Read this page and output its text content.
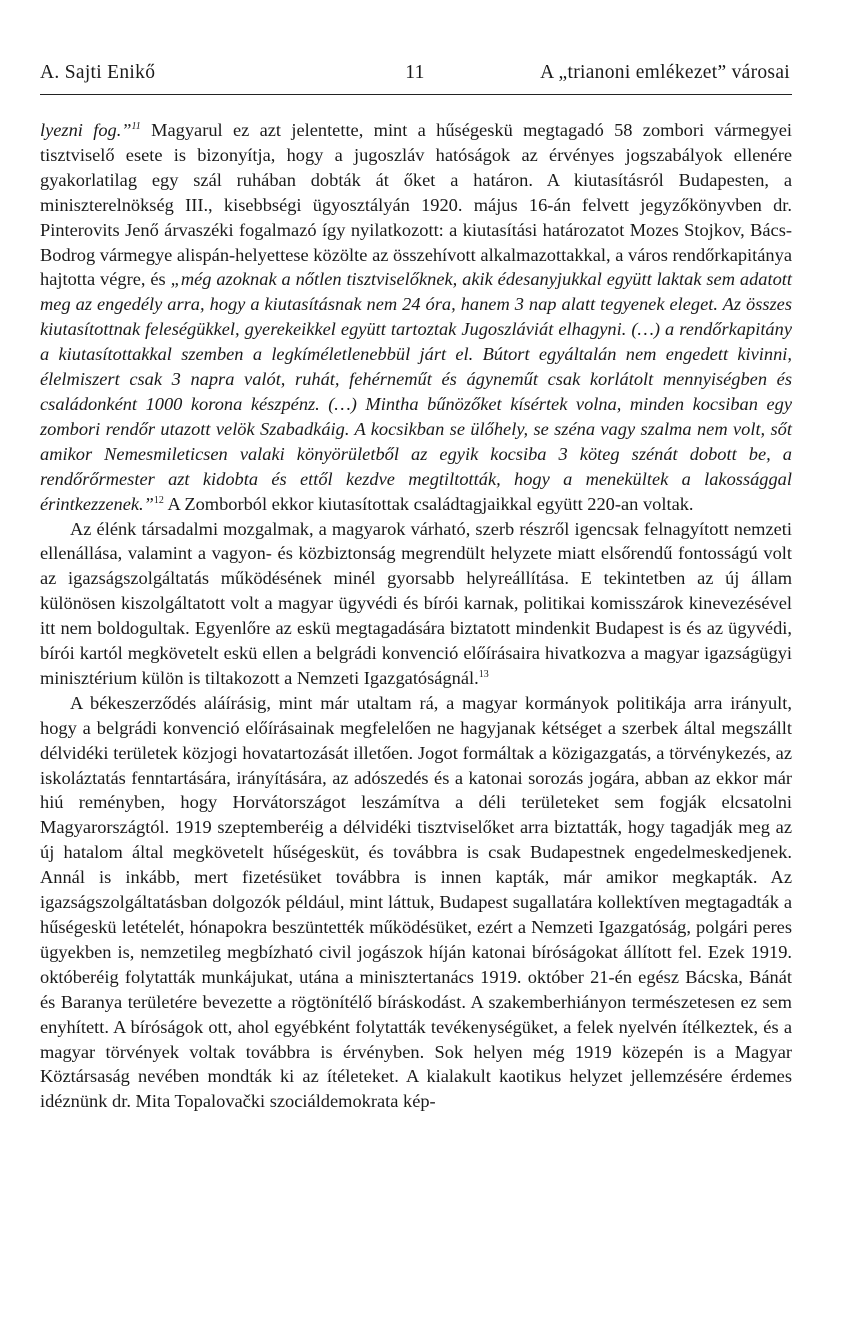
A. Sajti Enikő	11	A „trianoni emlékezet” városai

lyezni fog.”$^{11}$ Magyarul ez azt jelentette, mint a hűségeskü megtagadó 58 zombori vármegyei tisztviselő esete is bizonyítja, hogy a jugoszláv hatóságok az érvényes jogszabályok ellenére gyakorlatilag egy szál ruhában dobták át őket a határon. A kiutasításról Budapesten, a miniszterelnökség III., kisebbségi ügyosztályán 1920. május 16-án felvett jegyzőkönyvben dr. Pinterovits Jenő árvaszéki fogalmazó így nyilatkozott: a kiutasítási határozatot Mozes Stojkov, Bács-Bodrog vármegye alispán-helyettese közölte az összehívott alkalmazottakkal, a város rendőrkapitánya hajtotta végre, és „még azoknak a nőtlen tisztviselőknek, akik édesanyjukkal együtt laktak sem adatott meg az engedély arra, hogy a kiutasításnak nem 24 óra, hanem 3 nap alatt tegyenek eleget. Az összes kiutasítottnak feleségükkel, gyerekeikkel együtt tartoztak Jugoszláviát elhagyni. (…) a rendőrkapitány a kiutasítottakkal szemben a legkíméletlenebbül járt el. Bútort egyáltalán nem engedett kivinni, élelmiszert csak 3 napra valót, ruhát, fehérneműt és ágyneműt csak korlátolt mennyiségben és családonként 1000 korona készpénz. (…) Mintha bűnözőket kísértek volna, minden kocsiban egy zombori rendőr utazott velök Szabadkáig. A kocsikban se ülőhely, se széna vagy szalma nem volt, sőt amikor Nemesmileticsen valaki könyörületből az egyik kocsiba 3 köteg szénát dobott be, a rendőrőrmester azt kidobta és ettől kezdve megtiltották, hogy a menekültek a lakossággal érintkezzenek.”$^{12}$ A Zomborból ekkor kiutasítottak családtagjaikkal együtt 220-an voltak.

Az élénk társadalmi mozgalmak, a magyarok várható, szerb részről igencsak felnagyított nemzeti ellenállása, valamint a vagyon- és közbiztonság megrendült helyzete miatt elsőrendű fontosságú volt az igazságszolgáltatás működésének minél gyorsabb helyreállítása. E tekintetben az új állam különösen kiszolgáltatott volt a magyar ügyvédi és bírói karnak, politikai komisszárok kinevezésével itt nem boldogultak. Egyenlőre az eskü megtagadására biztatott mindenkit Budapest is és az ügyvédi, bírói kartól megkövetelt eskü ellen a belgrádi konvenció előírásaira hivatkozva a magyar igazságügyi minisztérium külön is tiltakozott a Nemzeti Igazgatóságnál.$^{13}$

A békeszerződés aláírásig, mint már utaltam rá, a magyar kormányok politikája arra irányult, hogy a belgrádi konvenció előírásainak megfelelően ne hagyjanak kétséget a szerbek által megszállt délvidéki területek közjogi hovatartozását illetően. Jogot formáltak a közigazgatás, a törvénykezés, az iskoláztatás fenntartására, irányítására, az adószedés és a katonai sorozás jogára, abban az ekkor már hiú reményben, hogy Horvátországot leszámítva a déli területeket sem fogják elcsatolni Magyarországtól. 1919 szeptemberéig a délvidéki tisztviselőket arra biztatták, hogy tagadják meg az új hatalom által megkövetelt hűségesküt, és továbbra is csak Budapestnek engedelmeskedjenek. Annál is inkább, mert fizetésüket továbbra is innen kapták, már amikor megkapták. Az igazságszolgáltatásban dolgozók például, mint láttuk, Budapest sugallatára kollektíven megtagadták a hűségeskü letételét, hónapokra beszüntették működésüket, ezért a Nemzeti Igazgatóság, polgári peres ügyekben is, nemzetileg megbízható civil jogászok híján katonai bíróságokat állított fel. Ezek 1919. októberéig folytatták munkájukat, utána a minisztertanács 1919. október 21-én egész Bácska, Bánát és Baranya területére bevezette a rögtönítélő bíráskodást. A szakemberhiányon természetesen ez sem enyhített. A bíróságok ott, ahol egyébként folytatták tevékenységüket, a felek nyelvén ítélkeztek, és a magyar törvények voltak továbbra is érvényben. Sok helyen még 1919 közepén is a Magyar Köztársaság nevében mondták ki az ítéleteket. A kialakult kaotikus helyzet jellemzésére érdemes idéznünk dr. Mita Topalovački szociáldemokrata kép-
